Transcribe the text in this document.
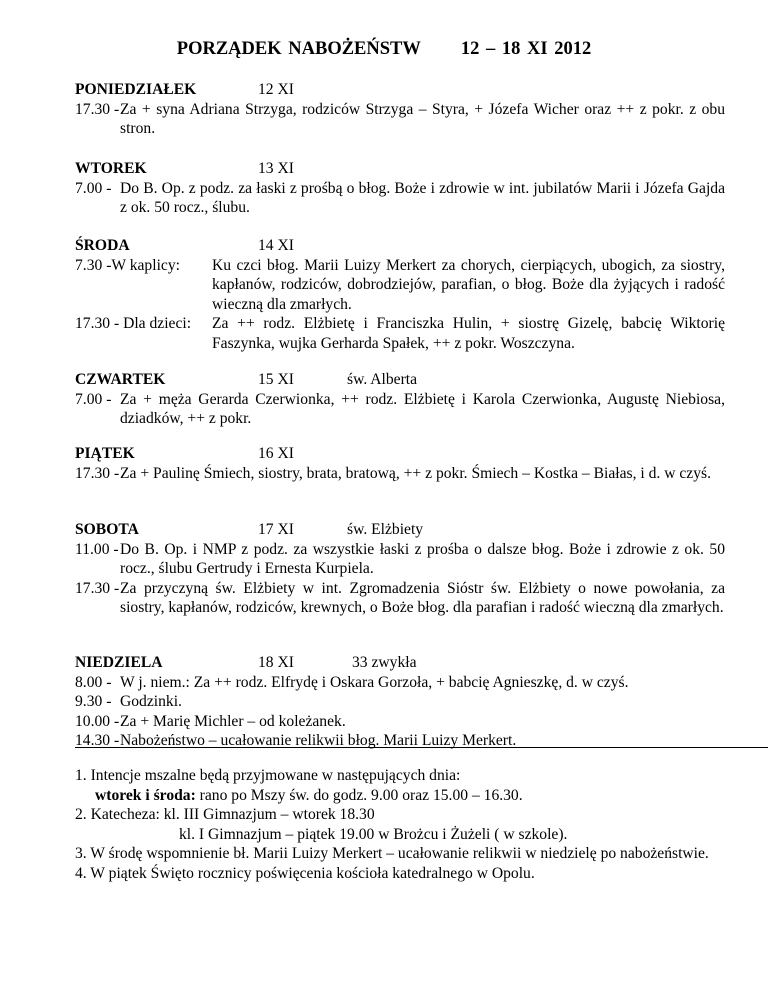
PORZĄDEK NABOŻEŃSTW 12 – 18 XI 2012
PONIEDZIAŁEK	12 XI
17.30 - Za + syna Adriana Strzyga, rodziców Strzyga – Styra, + Józefa Wicher oraz ++ z pokr. z obu stron.
WTOREK	13 XI
7.00 - Do B. Op. z podz. za łaski z prośbą o błog. Boże i zdrowie w int. jubilatów Marii i Józefa Gajda z ok. 50 rocz., ślubu.
ŚRODA	14 XI
7.30 -W kaplicy:	Ku czci błog. Marii Luizy Merkert za chorych, cierpiących, ubogich, za siostry, kapłanów, rodziców, dobrodziejów, parafian, o błog. Boże dla żyjących i radość wieczną dla zmarłych.
17.30 - Dla dzieci:	Za ++ rodz. Elżbietę i Franciszka Hulin, + siostrę Gizelę, babcię Wiktorię Faszynka, wujka Gerharda Spałek, ++ z pokr. Woszczyna.
CZWARTEK	15 XI	św. Alberta
7.00 - Za + męża Gerarda Czerwionka, ++ rodz. Elżbietę i Karola Czerwionka, Augustę Niebiosa, dziadków, ++ z pokr.
PIĄTEK	16 XI
17.30 - Za + Paulinę Śmiech, siostry, brata, bratową, ++ z pokr. Śmiech – Kostka – Białas, i d. w czyś.
SOBOTA	17 XI	św. Elżbiety
11.00 - Do B. Op. i NMP z podz. za wszystkie łaski z prośba o dalsze błog. Boże i zdrowie z ok. 50 rocz., ślubu Gertrudy i Ernesta Kurpiela.
17.30 - Za przyczyną św. Elżbiety w int. Zgromadzenia Sióstr św. Elżbiety o nowe powołania, za siostry, kapłanów, rodziców, krewnych, o Boże błog. dla parafian i radość wieczną dla zmarłych.
NIEDZIELA	18 XI	33 zwykła
8.00 - W j. niem.: Za ++ rodz. Elfrydę i Oskara Gorzoła, + babcię Agnieszkę, d. w czyś.
9.30 - Godzinki.
10.00 - Za + Marię Michler – od koleżanek.
14.30 - Nabożeństwo – ucałowanie relikwii błog. Marii Luizy Merkert.
1. Intencje mszalne będą przyjmowane w następujących dnia:
wtorek i środa: rano po Mszy św. do godz. 9.00 oraz 15.00 – 16.30.
2. Katecheza: kl. III Gimnazjum – wtorek 18.30
kl. I Gimnazjum – piątek 19.00 w Brożcu i Żużeli ( w szkole).
3. W środę wspomnienie bł. Marii Luizy Merkert – ucałowanie relikwii w niedzielę po nabożeństwie.
4. W piątek Święto rocznicy poświęcenia kościoła katedralnego w Opolu.
